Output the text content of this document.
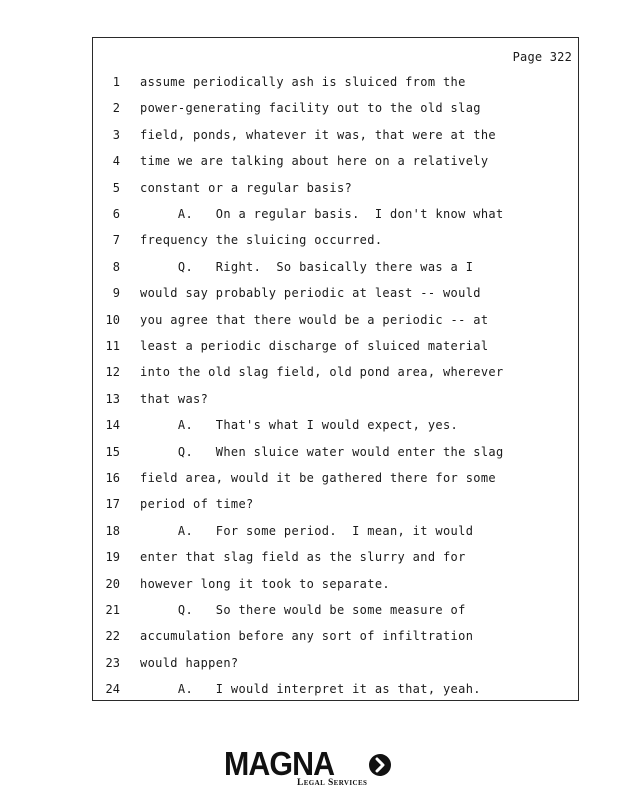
Page 322
1 assume periodically ash is sluiced from the
2 power-generating facility out to the old slag
3 field, ponds, whatever it was, that were at the
4 time we are talking about here on a relatively
5 constant or a regular basis?
6 A.   On a regular basis.  I don't know what
7 frequency the sluicing occurred.
8 Q.   Right.  So basically there was a I
9 would say probably periodic at least -- would
10 you agree that there would be a periodic -- at
11 least a periodic discharge of sluiced material
12 into the old slag field, old pond area, wherever
13 that was?
14 A.   That's what I would expect, yes.
15 Q.   When sluice water would enter the slag
16 field area, would it be gathered there for some
17 period of time?
18 A.   For some period.  I mean, it would
19 enter that slag field as the slurry and for
20 however long it took to separate.
21 Q.   So there would be some measure of
22 accumulation before any sort of infiltration
23 would happen?
24 A.   I would interpret it as that, yeah.
MAGNA
Legal Services
